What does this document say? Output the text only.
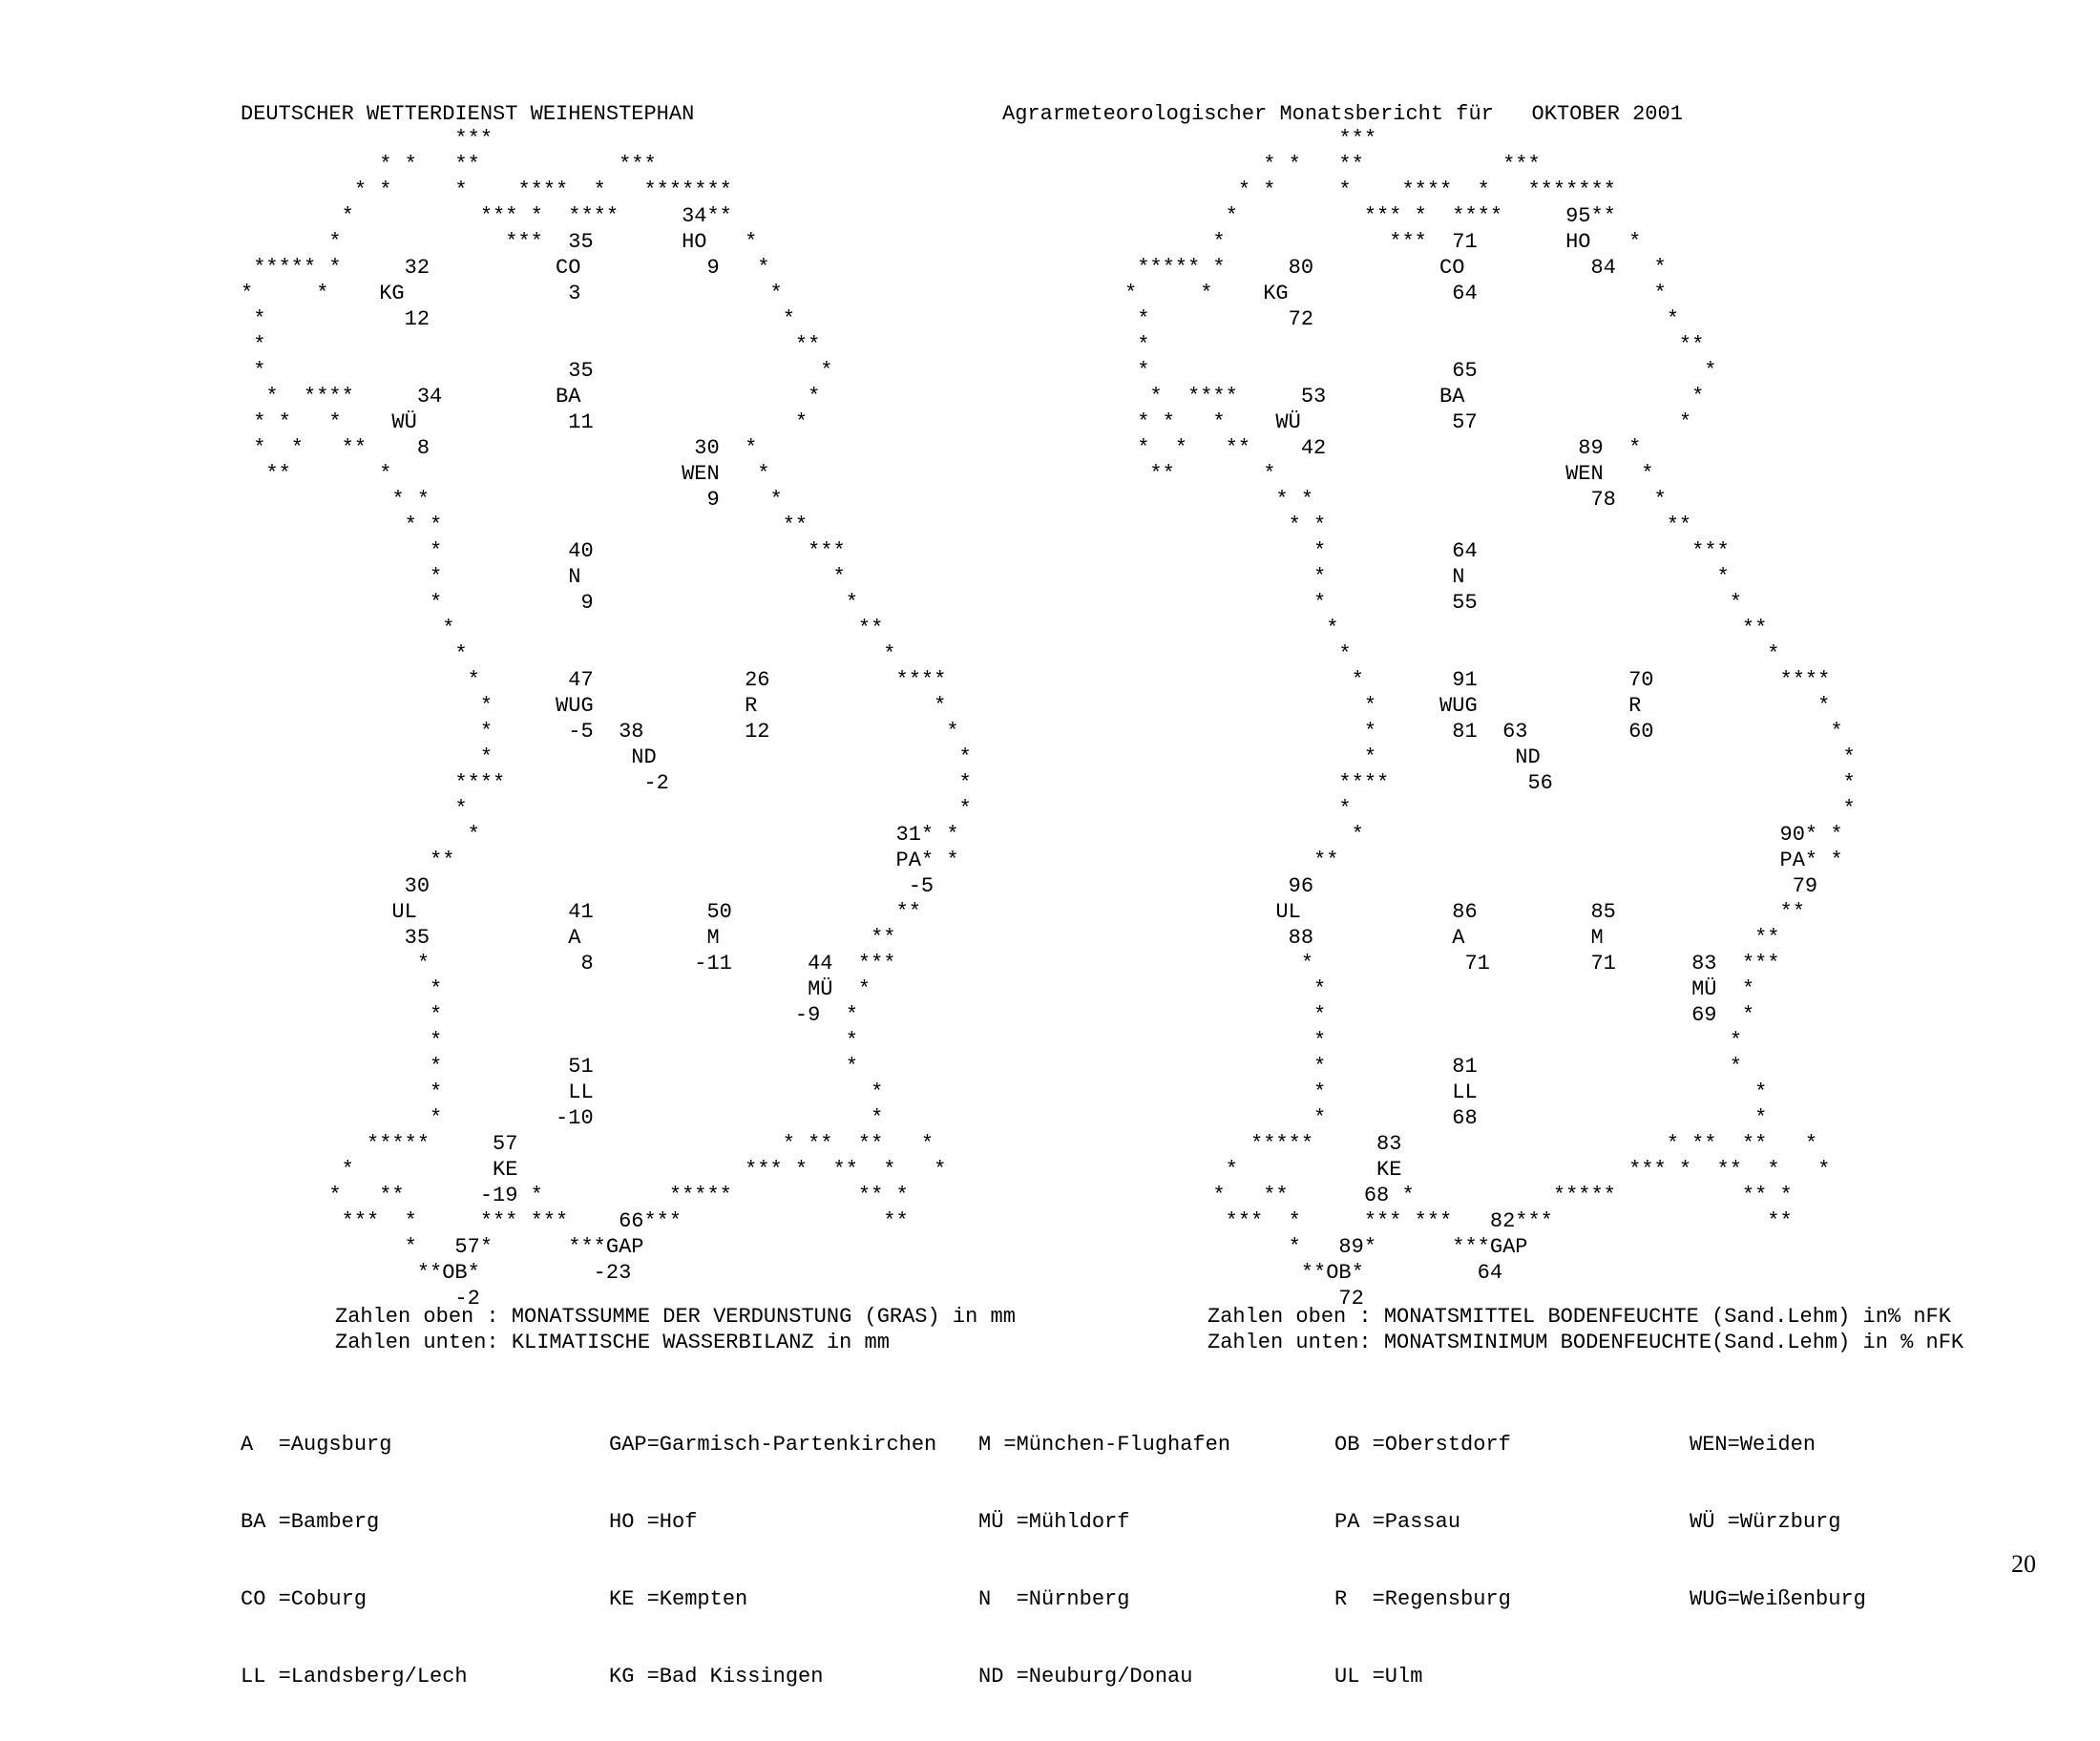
DEUTSCHER WETTERDIENST WEIHENSTEPHAN	Agrarmeteorologischer Monatsbericht für   OKTOBER 2001
***
* *   **           ***
* *     *    ****  *   *******
*          *** *  ****     34**
*             ***  35       HO   *
***** *     32          CO          9   *
*     *    KG             3               *
*           12                            *
*                                          **
*                        35                  *
*  ****     34         BA                  *
* *   *    WÜ            11                *
*  *   **    8                     30  *
**       *                       WEN   *
* *                      9    *
* *                           **
*          40                 ***
*          N                    *
*           9                    *
*                                **
*                                 *
*       47            26          ****
*     WUG            R              *
*      -5  38        12              *
*           ND                        *
****           -2                       *
*                                       *
*                                 31* *
**                                   PA* *
30                                      -5
UL            41         50             **
35           A          M            **
*            8        -11      44  ***
*                             MÜ  *
*                            -9  *
*                                *
*          51                    *
*          LL                      *
*         -10                      *
*****     57                     * **  **   *
*           KE                  *** *  **  *   *
*   **      -19 *          *****          ** *
***  *     *** ***    66***                **
*   57*      ***GAP
**OB*         -23
-2
***
* *   **           ***
* *     *    ****  *   *******
*          *** *  ****     95**
*             ***  71       HO   *
***** *     80          CO          84   *
*     *    KG             64              *
*           72                            *
*                                          **
*                        65                  *
*  ****     53         BA                  *
* *   *    WÜ            57                *
*  *   **    42                    89  *
**       *                       WEN   *
* *                      78   *
* *                           **
*          64                 ***
*          N                    *
*          55                    *
*                                **
*                                 *
*       91            70          ****
*     WUG            R              *
*      81  63        60              *
*           ND                        *
****           56                       *
*                                       *
*                                 90* *
**                                   PA* *
96                                      79
UL            86         85             **
88           A          M            **
*            71        71      83  ***
*                             MÜ  *
*                             69  *
*                                *
*          81                    *
*          LL                      *
*          68                      *
*****     83                     * **  **   *
*           KE                  *** *  **  *   *
*   **      68 *           *****          ** *
***  *     *** ***   82***                 **
*   89*      ***GAP
**OB*         64
72
Zahlen oben : MONATSSUMME DER VERDUNSTUNG (GRAS) in mm
Zahlen unten: KLIMATISCHE WASSERBILANZ in mm
Zahlen oben : MONATSMITTEL BODENFEUCHTE (Sand.Lehm) in% nFK
Zahlen unten: MONATSMINIMUM BODENFEUCHTE(Sand.Lehm) in % nFK

A  =Augsburg

BA =Bamberg

CO =Coburg

LL =Landsberg/Lech

GAP=Garmisch-Partenkirchen

HO =Hof

KE =Kempten

KG =Bad Kissingen

M =München-Flughafen

MÜ =Mühldorf

N  =Nürnberg

ND =Neuburg/Donau

OB =Oberstdorf

PA =Passau

R  =Regensburg

UL =Ulm

WEN=Weiden

WÜ =Würzburg

WUG=Weißenburg

20
